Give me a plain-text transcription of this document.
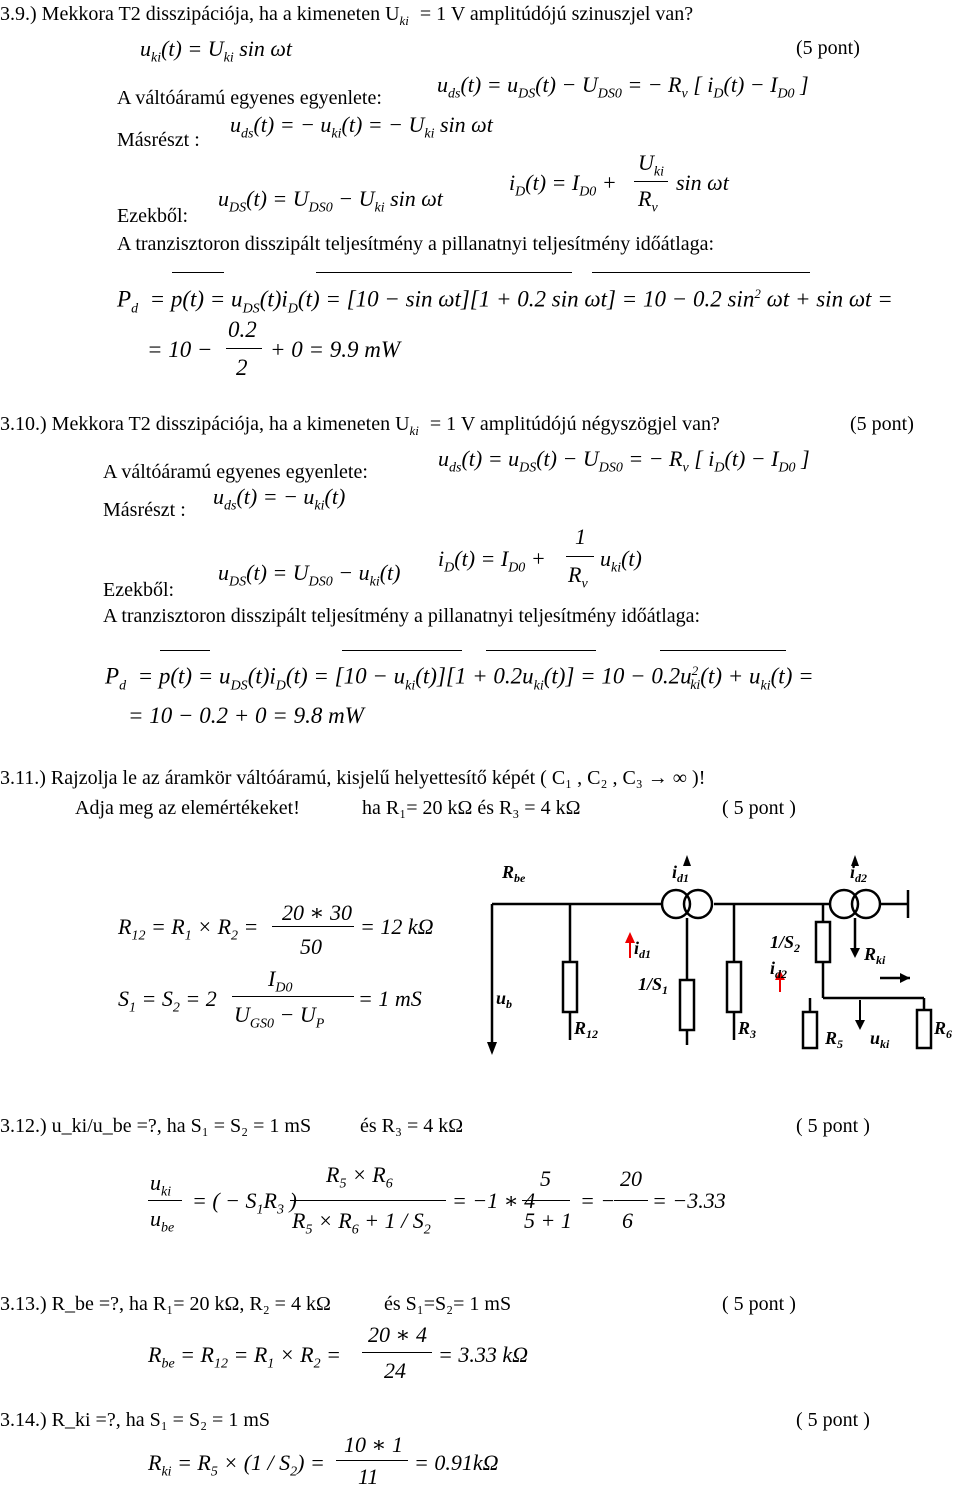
3.9.) Mekkora T2 disszipációja, ha a kimeneten $U_{ki} = 1$ V amplitúdójú szinuszjel van?
$u_{ki}(t) = U_{ki}$ sin ωt	(5 pont)
A váltóáramú egyenes egyenlete:
$u_{ds}(t) = u_{DS}(t) - U_{DS0}$ = − $R_v$ [ $i_D(t) - I_{D0}$ ]
Másrészt :
$u_{ds}(t)$ = − $u_{ki}(t)$ = − $U_{ki}$ sin ωt
$i_D(t) = I_{D0}$ +
$U_{ki}$
$R_v$
sin ωt
Ezekből:
$u_{DS}(t) = U_{DS0} - U_{ki}$ sin ωt
A tranzisztoron disszipált teljesítmény a pillanatnyi teljesítmény időátlaga:
$P_d = p(t) = u_{DS}(t)i_D(t) = [10 - \sin \omega t][1 + 0.2$ sin ωt] = 10 − 0.2 $\sin^2 \omega t + \sin \omega t$ =
= 10 −
0.2
2
+ 0 = 9.9 mW
3.10.) Mekkora T2 disszipációja, ha a kimeneten $U_{ki} = 1$ V amplitúdójú négyszögjel van?	(5 pont)
A váltóáramú egyenes egyenlete:
$u_{ds}(t) = u_{DS}(t) - U_{DS0}$ = − $R_v$ [ $i_D(t) - I_{D0}$ ]
Másrészt :
$u_{ds}(t)$ = − $u_{ki}(t)$
$i_D(t) = I_{D0}$ +
1
$R_v$
$u_{ki}(t)$
Ezekből:
$u_{DS}(t) = U_{DS0} - u_{ki}(t)$
A tranzisztoron disszipált teljesítmény a pillanatnyi teljesítmény időátlaga:
$P_d = p(t) = u_{DS}(t)i_D(t) = [10 - u_{ki}(t)][1 + 0.2u_{ki}(t)] = 10 - 0.2u^2_{ki}(t) + u_{ki}(t)$ =
= 10 − 0.2 + 0 = 9.8 mW
3.11.) Rajzolja le az áramkör váltóáramú, kisjelű helyettesítő képét ( C₁ , C₂ , C₃ → ∞ )!
Adja meg az elemértékeket!	ha R₁= 20 kΩ és R₃ = 4 kΩ	( 5 pont )
$R_{12} = R_1 \times R_2$ =
20 ∗ 30
50
= 12 kΩ
$S_1 = S_2 = 2$
$I_{D0}$
$U_{GS0} - U_P$
= 1 mS
$R_{be}$	$i_{d1}$	$i_{d2}$
$u_b$
$R_{12}$	$R_3$	$R_5$ $u_{ki}$
$R_6$
$R_{ki}$
$1/S_1$
$1/S_2$
$i_{d1}$
$i_{d2}$
3.12.) u_ki/u_be =?, ha S₁ = S₂ = 1 mS és R₃ = 4 kΩ	( 5 pont )
$u_{ki}$
$u_{be}$
= ( − $S_1R_3$ )
$R_5 \times R_6$
$R_5 \times R_6 + 1 / S_2$
= −1 ∗ 4
5
5 + 1
= −
20
6
= −3.33
3.13.) R_be =?, ha R₁= 20 kΩ, R₂ = 4 kΩ	és S₁=S₂= 1 mS	( 5 pont )
$R_{be} = R_{12} = R_1 \times R_2$ =
20 ∗ 4
24
= 3.33 kΩ
3.14.) R_ki =?, ha S₁ = S₂ = 1 mS	( 5 pont )
$R_{ki} = R_5 \times (1 / S_2)$ =
10 ∗ 1
11
= 0.91kΩ
